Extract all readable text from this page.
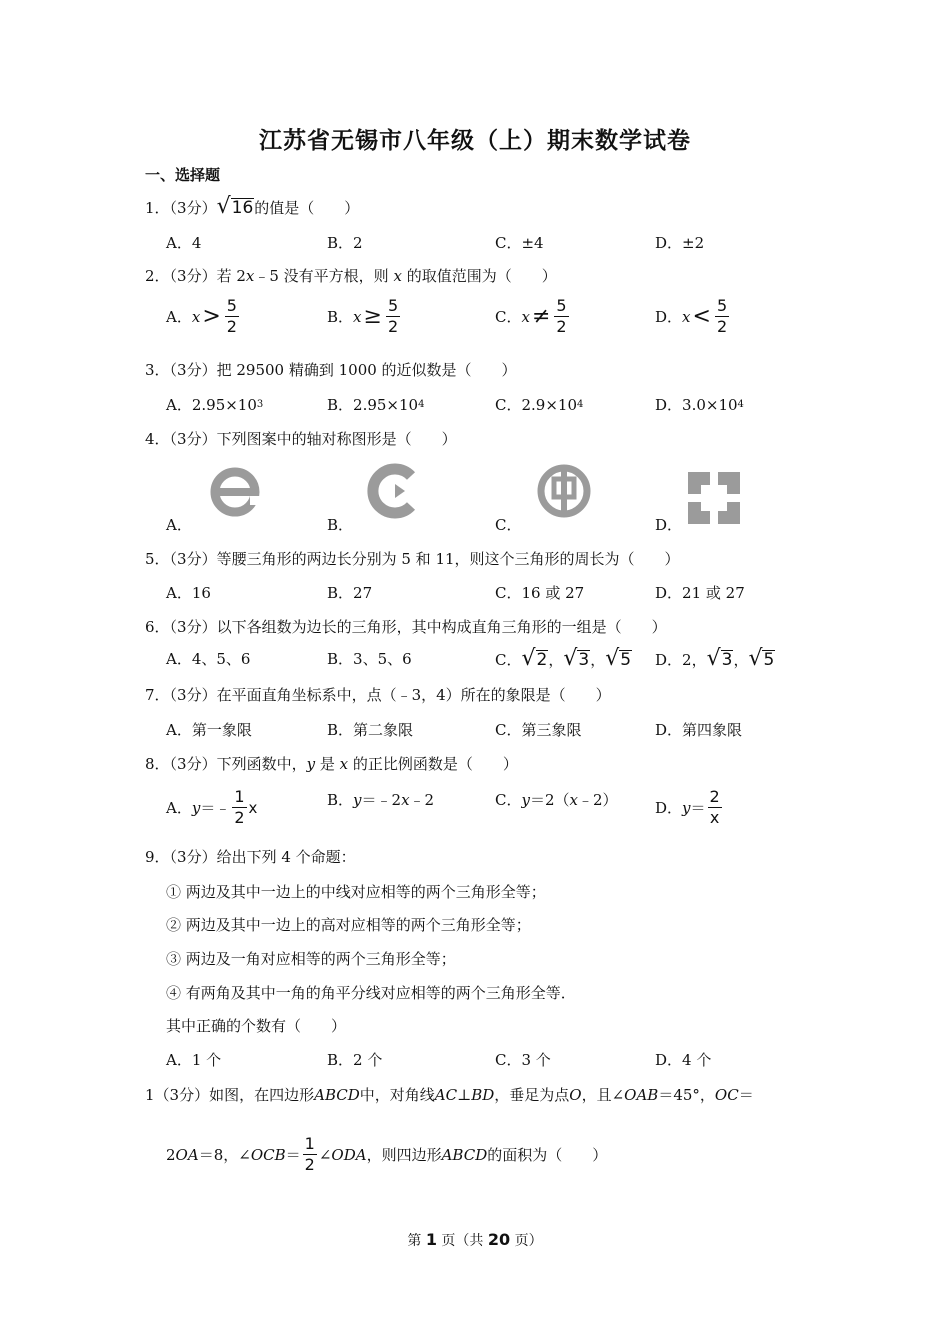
江苏省无锡市八年级（上）期末数学试卷
一、选择题
1．（3分） √ 16 的值是（　　）
A． 4	B． 2	C． ±4	D． ±2
2．（3分）若 2x﹣5 没有平方根，则 x 的取值范围为（　　）
A． $x > \frac{5}{2}$	B． $x \ge \frac{5}{2}$	C． $x \ne \frac{5}{2}$	D． $x < \frac{5}{2}$
3．（3分）把 29500 精确到 1000 的近似数是（　　）
A． 2.95×10 3	B． 2.95×10 4	C． 2.9×10 4	D． 3.0×10 4
4．（3分）下列图案中的轴对称图形是（　　）
A．	B．	C．	D．
5．（3分）等腰三角形的两边长分别为 5 和 11，则这个三角形的周长为（　　）
A． 16	B． 27	C． 16 或 27	D． 21 或 27
6．（3分）以下各组数为边长的三角形，其中构成直角三角形的一组是（　　）
A． 4、5、6	B． 3、5、6	C． √ 2 ， √ 3 ， √ 5 D． 2， √ 3 ， √ 5
7．（3分）在平面直角坐标系中，点（﹣3，4）所在的象限是（　　）
A． 第一象限	B． 第二象限	C． 第三象限	D． 第四象限
8．（3分）下列函数中，y 是 x 的正比例函数是（　　）
A． y ＝﹣ $\frac{1}{2}$ x	B． y ＝﹣2 x ﹣2	C． y ＝2（ x ﹣2） D． $y = \frac{2}{x}$
9．（3分）给出下列 4 个命题：
① 两边及其中一边上的中线对应相等的两个三角形全等；
② 两边及其中一边上的高对应相等的两个三角形全等；
③ 两边及一角对应相等的两个三角形全等；
④ 有两角及其中一角的角平分线对应相等的两个三角形全等．
其中正确的个数有（　　）
A． 1 个	B． 2 个	C． 3 个	D． 4 个
1（3分）如图，在四边形ABCD中，对角线AC⊥BD，垂足为点O，且∠OAB＝45°，OC＝
2 OA ＝8，∠ OCB ＝ $\frac{1}{2}$ ∠ ODA ，则四边形 ABCD 的面积为（　　）
第 1 页（共 20 页）
